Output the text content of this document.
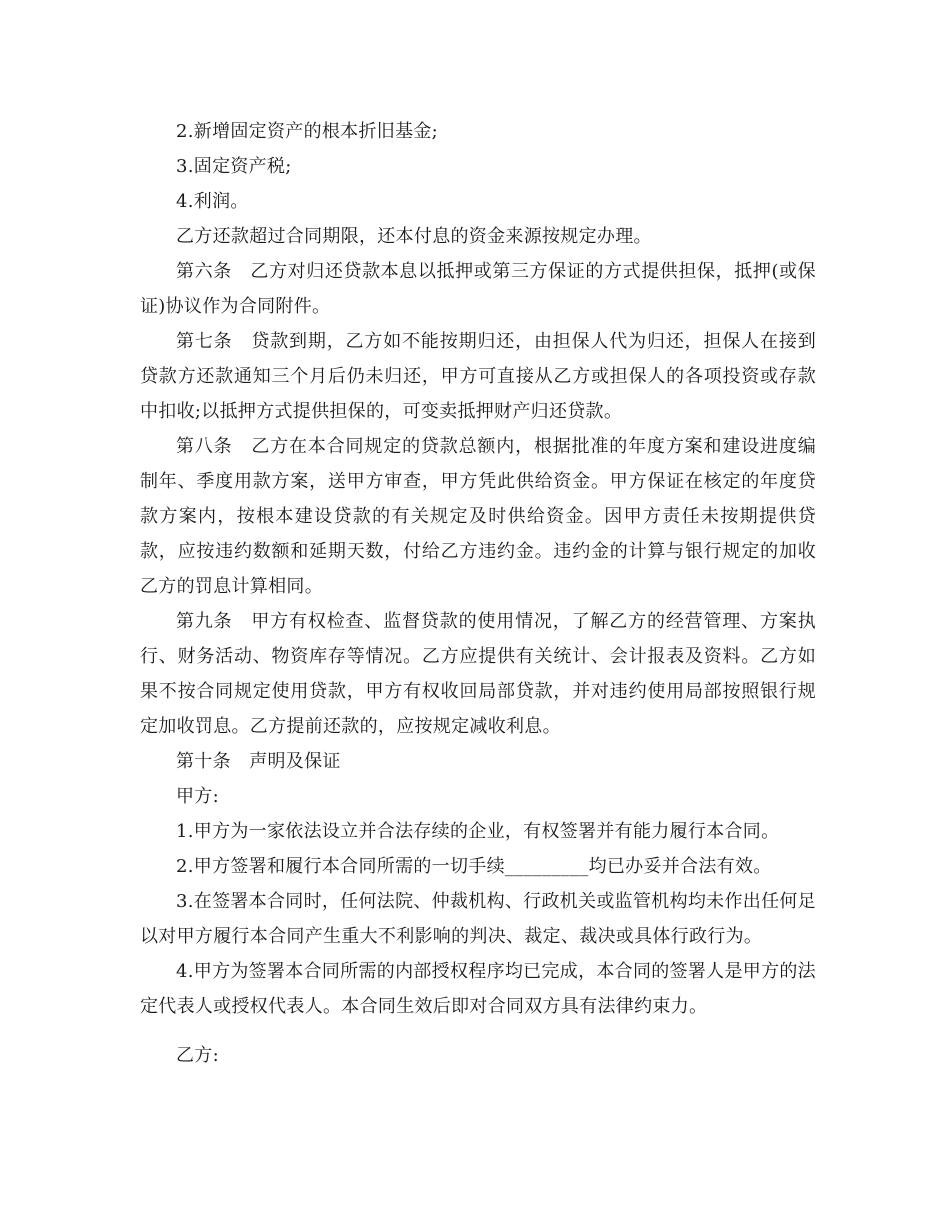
2.新增固定资产的根本折旧基金;

3.固定资产税;

4.利润。

乙方还款超过合同期限，还本付息的资金来源按规定办理。

第六条　乙方对归还贷款本息以抵押或第三方保证的方式提供担保，抵押(或保证)协议作为合同附件。

第七条　贷款到期，乙方如不能按期归还，由担保人代为归还，担保人在接到贷款方还款通知三个月后仍未归还，甲方可直接从乙方或担保人的各项投资或存款中扣收;以抵押方式提供担保的，可变卖抵押财产归还贷款。

第八条　乙方在本合同规定的贷款总额内，根据批准的年度方案和建设进度编制年、季度用款方案，送甲方审查，甲方凭此供给资金。甲方保证在核定的年度贷款方案内，按根本建设贷款的有关规定及时供给资金。因甲方责任未按期提供贷款，应按违约数额和延期天数，付给乙方违约金。违约金的计算与银行规定的加收乙方的罚息计算相同。

第九条　甲方有权检查、监督贷款的使用情况，了解乙方的经营管理、方案执行、财务活动、物资库存等情况。乙方应提供有关统计、会计报表及资料。乙方如果不按合同规定使用贷款，甲方有权收回局部贷款，并对违约使用局部按照银行规定加收罚息。乙方提前还款的，应按规定减收利息。

第十条　声明及保证

甲方:

1.甲方为一家依法设立并合法存续的企业，有权签署并有能力履行本合同。

2.甲方签署和履行本合同所需的一切手续_________均已办妥并合法有效。

3.在签署本合同时，任何法院、仲裁机构、行政机关或监管机构均未作出任何足以对甲方履行本合同产生重大不利影响的判决、裁定、裁决或具体行政行为。

4.甲方为签署本合同所需的内部授权程序均已完成，本合同的签署人是甲方的法定代表人或授权代表人。本合同生效后即对合同双方具有法律约束力。

乙方:
